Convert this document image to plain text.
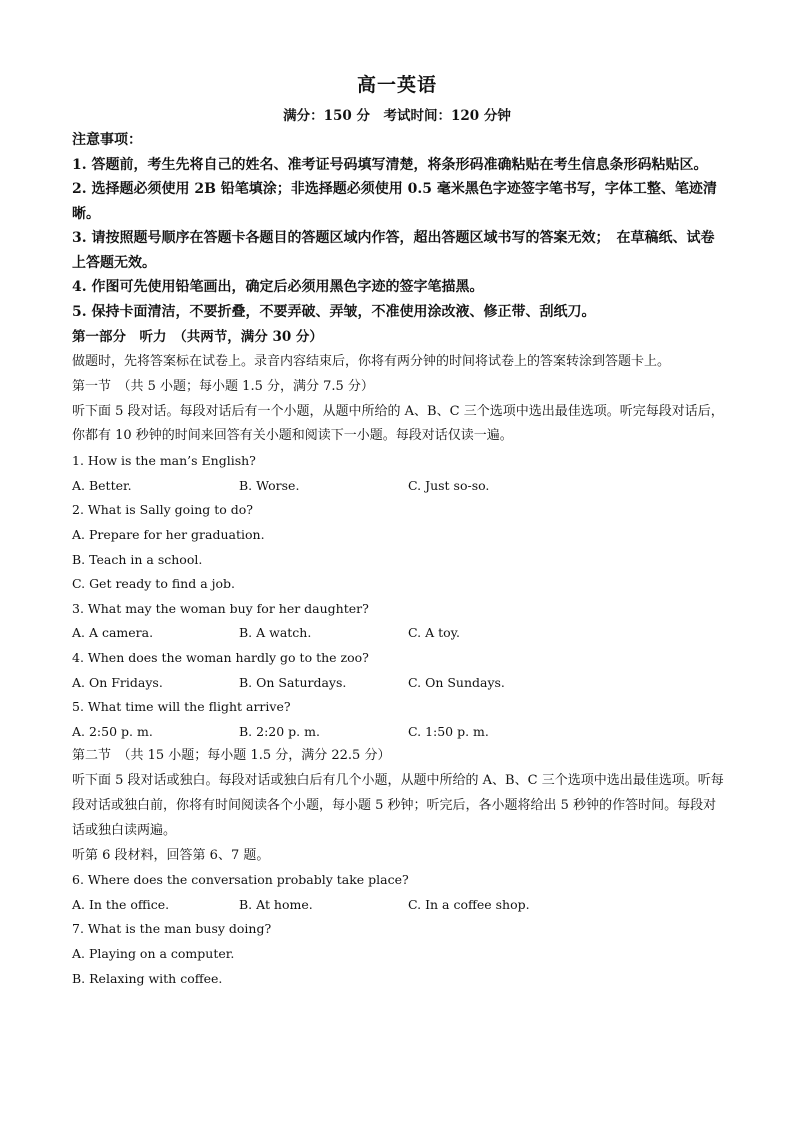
高一英语
满分：150 分　考试时间：120 分钟

注意事项：

1. 答题前，考生先将自己的姓名、准考证号码填写清楚，将条形码准确粘贴在考生信息条形码粘贴区。

2. 选择题必须使用 2B 铅笔填涂；非选择题必须使用 0.5 毫米黑色字迹签字笔书写，字体工整、笔迹清晰。

3. 请按照题号顺序在答题卡各题目的答题区域内作答，超出答题区域书写的答案无效；　在草稿纸、试卷上答题无效。

4. 作图可先使用铅笔画出，确定后必须用黑色字迹的签字笔描黑。

5. 保持卡面清洁，不要折叠，不要弄破、弄皱，不准使用涂改液、修正带、刮纸刀。

第一部分　听力　（共两节，满分 30 分）

做题时，先将答案标在试卷上。录音内容结束后，你将有两分钟的时间将试卷上的答案转涂到答题卡上。

第一节　（共 5 小题；每小题 1.5 分，满分 7.5 分）

听下面 5 段对话。每段对话后有一个小题，从题中所给的 A、B、C 三个选项中选出最佳选项。听完每段对话后，你都有 10 秒钟的时间来回答有关小题和阅读下一小题。每段对话仅读一遍。

1. How is the man’s English?

A. Better.	B. Worse.	C. Just so-so.

2. What is Sally going to do?

A. Prepare for her graduation.

B. Teach in a school.

C. Get ready to find a job.

3. What may the woman buy for her daughter?

A. A camera.	B. A watch.	C. A toy.

4. When does the woman hardly go to the zoo?

A. On Fridays.	B. On Saturdays.	C. On Sundays.

5. What time will the flight arrive?

A. 2:50 p. m.	B. 2:20 p. m.	C. 1:50 p. m.

第二节　（共 15 小题；每小题 1.5 分，满分 22.5 分）

听下面 5 段对话或独白。每段对话或独白后有几个小题，从题中所给的 A、B、C 三个选项中选出最佳选项。听每段对话或独白前，你将有时间阅读各个小题，每小题 5 秒钟；听完后，各小题将给出 5 秒钟的作答时间。每段对话或独白读两遍。

听第 6 段材料，回答第 6、7 题。

6. Where does the conversation probably take place?

A. In the office.	B. At home.	C. In a coffee shop.

7. What is the man busy doing?

A. Playing on a computer.

B. Relaxing with coffee.
